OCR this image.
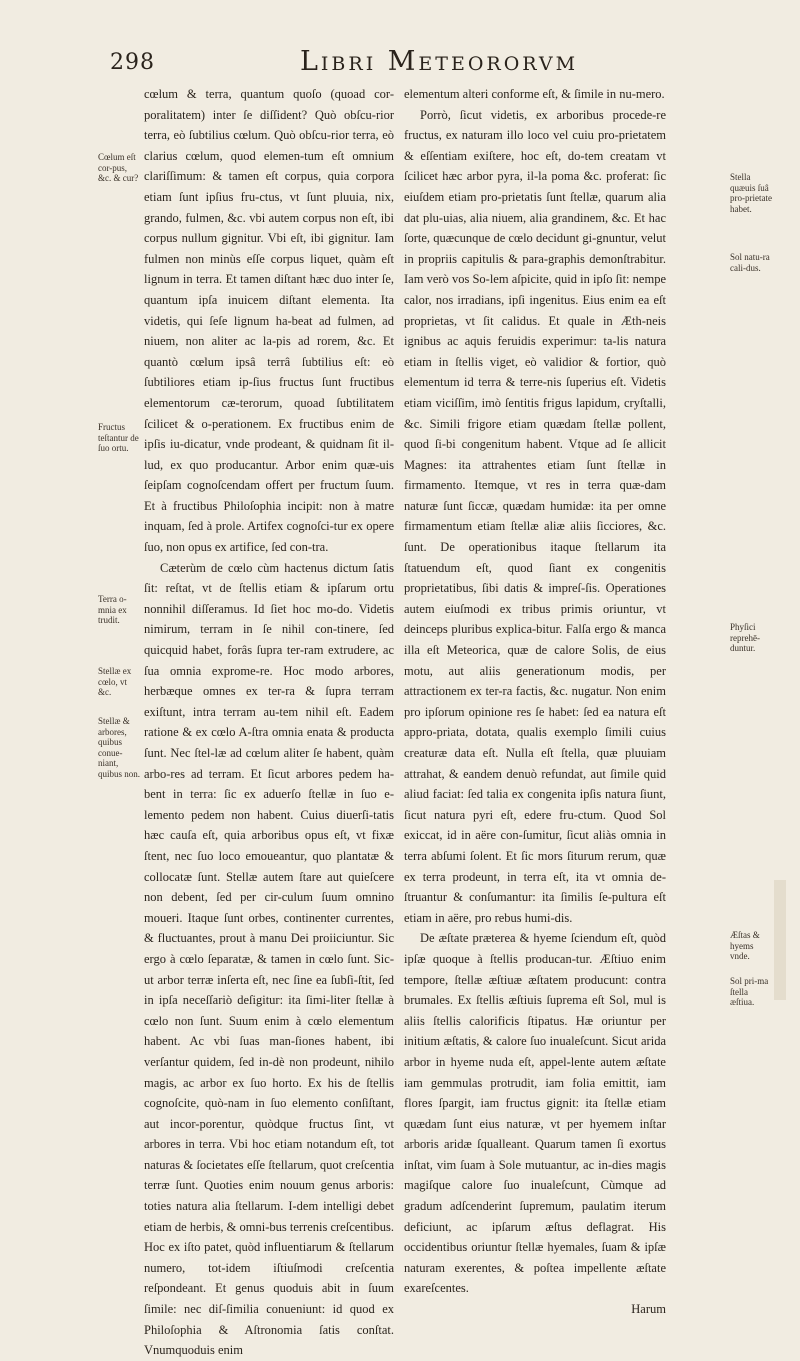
298	Libri Meteororvm

cœlum & terra, quantum quoſo (quoad cor-poralitatem) inter ſe diſſident? Quò obſcu-rior terra, eò ſubtilius cœlum. Quò obſcu-rior terra, eò clarius cœlum, quod elemen-tum eſt omnium clariſſimum: & tamen eſt corpus, quia corpora etiam ſunt ipſius fru-ctus, vt ſunt pluuia, nix, grando, fulmen, &c. vbi autem corpus non eſt, ibi corpus nullum gignitur. Vbi eſt, ibi gignitur. Iam fulmen non minùs eſſe corpus liquet, quàm eſt lignum in terra. Et tamen diſtant hæc duo inter ſe, quantum ipſa inuicem diſtant elementa. Ita videtis, qui ſeſe lignum ha-beat ad fulmen, ad niuem, non aliter ac la-pis ad rorem, &c. Et quantò cœlum ipsâ terrâ ſubtilius eſt: eò ſubtiliores etiam ip-ſius fructus ſunt fructibus elementorum cæ-terorum, quoad ſubtilitatem ſcilicet & o-perationem. Ex fructibus enim de ipſis iu-dicatur, vnde prodeant, & quidnam ſit il-lud, ex quo producantur. Arbor enim quæ-uis ſeipſam cognoſcendam offert per fructum ſuum. Et à fructibus Philoſophia incipit: non à matre inquam, ſed à prole. Artifex cognoſci-tur ex opere ſuo, non opus ex artifice, ſed con-tra.

Cæterùm de cœlo cùm hactenus dictum ſatis ſit: reſtat, vt de ſtellis etiam & ipſarum ortu nonnihil diſſeramus. Id ſiet hoc mo-do. Videtis nimirum, terram in ſe nihil con-tinere, ſed quicquid habet, forâs ſupra ter-ram extrudere, ac ſua omnia exprome-re. Hoc modo arbores, herbæque omnes ex ter-ra & ſupra terram exiſtunt, intra terram au-tem nihil eſt. Eadem ratione & ex cœlo A-ſtra omnia enata & producta ſunt. Nec ſtel-læ ad cœlum aliter ſe habent, quàm arbo-res ad terram. Et ſicut arbores pedem ha-bent in terra: ſic ex aduerſo ſtellæ in ſuo e-lemento pedem non habent. Cuius diuerſi-tatis hæc cauſa eſt, quia arboribus opus eſt, vt fixæ ſtent, nec ſuo loco emoueantur, quo plantatæ & collocatæ ſunt. Stellæ autem ſtare aut quieſcere non debent, ſed per cir-culum ſuum omnino moueri. Itaque ſunt orbes, continenter currentes, & fluctuantes, prout à manu Dei proiiciuntur. Sic ergo à cœlo ſeparatæ, & tamen in cœlo ſunt. Sic-ut arbor terræ inſerta eſt, nec ſine ea ſubſi-ſtit, ſed in ipſa neceſſariò deſigitur: ita ſimi-liter ſtellæ à cœlo non ſunt. Suum enim à cœlo elementum habent. Ac vbi ſuas man-ſiones habent, ibi verſantur quidem, ſed in-dè non prodeunt, nihilo magis, ac arbor ex ſuo horto. Ex his de ſtellis cognoſcite, quò-nam in ſuo elemento conſiſtant, aut incor-porentur, quòdque fructus ſint, vt arbores in terra. Vbi hoc etiam notandum eſt, tot naturas & ſocietates eſſe ſtellarum, quot creſcentia terræ ſunt. Quoties enim nouum genus arboris: toties natura alia ſtellarum. I-dem intelligi debet etiam de herbis, & omni-bus terrenis creſcentibus. Hoc ex iſto patet, quòd influentiarum & ſtellarum numero, tot-idem iſtiuſmodi creſcentia reſpondeant. Et genus quoduis abit in ſuum ſimile: nec diſ-ſimilia conueniunt: id quod ex Philoſophia & Aſtronomia ſatis conſtat. Vnumquoduis enim

elementum alteri conforme eſt, & ſimile in nu-mero.

Porrò, ſicut videtis, ex arboribus procede-re fructus, ex naturam illo loco vel cuiu pro-prietatem & eſſentiam exiſtere, hoc eſt, do-tem creatam vt ſcilicet hæc arbor pyra, il-la poma &c. proferat: ſic eiuſdem etiam pro-prietatis ſunt ſtellæ, quarum alia dat plu-uias, alia niuem, alia grandinem, &c. Et hac ſorte, quæcunque de cœlo decidunt gi-gnuntur, velut in propriis capitulis & para-graphis demonſtrabitur. Iam verò vos So-lem aſpicite, quid in ipſo ſit: nempe calor, nos irradians, ipſi ingenitus. Eius enim ea eſt proprietas, vt ſit calidus. Et quale in Æth-neis ignibus ac aquis feruidis experimur: ta-lis natura etiam in ſtellis viget, eò validior & fortior, quò elementum id terra & terre-nis ſuperius eſt. Videtis etiam viciſſim, imò ſentitis frigus lapidum, cryſtalli, &c. Simili frigore etiam quædam ſtellæ pollent, quod ſi-bi congenitum habent. Vtque ad ſe allicit Magnes: ita attrahentes etiam ſunt ſtellæ in firmamento. Itemque, vt res in terra quæ-dam naturæ ſunt ſiccæ, quædam humidæ: ita per omne firmamentum etiam ſtellæ aliæ aliis ſicciores, &c. ſunt. De operationibus itaque ſtellarum ita ſtatuendum eſt, quod ſiant ex congenitis proprietatibus, ſibi datis & impreſ-ſis. Operationes autem eiuſmodi ex tribus primis oriuntur, vt deinceps pluribus explica-bitur. Falſa ergo & manca illa eſt Meteorica, quæ de calore Solis, de eius motu, aut aliis generationum modis, per attractionem ex ter-ra factis, &c. nugatur. Non enim pro ipſorum opinione res ſe habet: ſed ea natura eſt appro-priata, dotata, qualis exemplo ſimili cuius creaturæ data eſt. Nulla eſt ſtella, quæ pluuiam attrahat, & eandem denuò refundat, aut ſimile quid aliud faciat: ſed talia ex congenita ipſis natura ſiunt, ſicut natura pyri eſt, edere fru-ctum. Quod Sol exiccat, id in aëre con-ſumitur, ſicut aliàs omnia in terra abſumi ſolent. Et ſic mors ſiturum rerum, quæ ex terra prodeunt, in terra eſt, ita vt omnia de-ſtruantur & conſumantur: ita ſimilis ſe-pultura eſt etiam in aëre, pro rebus humi-dis.

De æſtate præterea & hyeme ſciendum eſt, quòd ipſæ quoque à ſtellis producan-tur. Æſtiuo enim tempore, ſtellæ æſtiuæ æſtatem producunt: contra brumales. Ex ſtellis æſtiuis ſuprema eſt Sol, mul is aliis ſtellis calorificis ſtipatus. Hæ oriuntur per initium æſtatis, & calore ſuo inualeſcunt. Sicut arida arbor in hyeme nuda eſt, appel-lente autem æſtate iam gemmulas protrudit, iam folia emittit, iam flores ſpargit, iam fructus gignit: ita ſtellæ etiam quædam ſunt eius naturæ, vt per hyemem inſtar arboris aridæ ſqualleant. Quarum tamen ſi exortus inſtat, vim ſuam à Sole mutuantur, ac in-dies magis magiſque calore ſuo inualeſcunt, Cùmque ad gradum adſcenderint ſupremum, paulatim iterum deficiunt, ac ipſarum æſtus deflagrat. His occidentibus oriuntur ſtellæ hyemales, ſuam & ipſæ naturam exerentes, & poſtea impellente æſtate exareſcentes.

Harum
Cœlum eſt cor-pus, &c. & cur?
Fructus teſtantur de ſuo ortu.
Terra o-mnia ex trudit.
Stellæ ex cœlo, vt &c.
Stellæ & arbores, quibus conue-niant, quibus non.
Stella quæuis ſuâ pro-prietate habet.
Sol natu-ra cali-dus.
Phyſici reprehē-duntur.
Æſtas & hyems vnde.
Sol pri-ma ſtella æſtiua.
